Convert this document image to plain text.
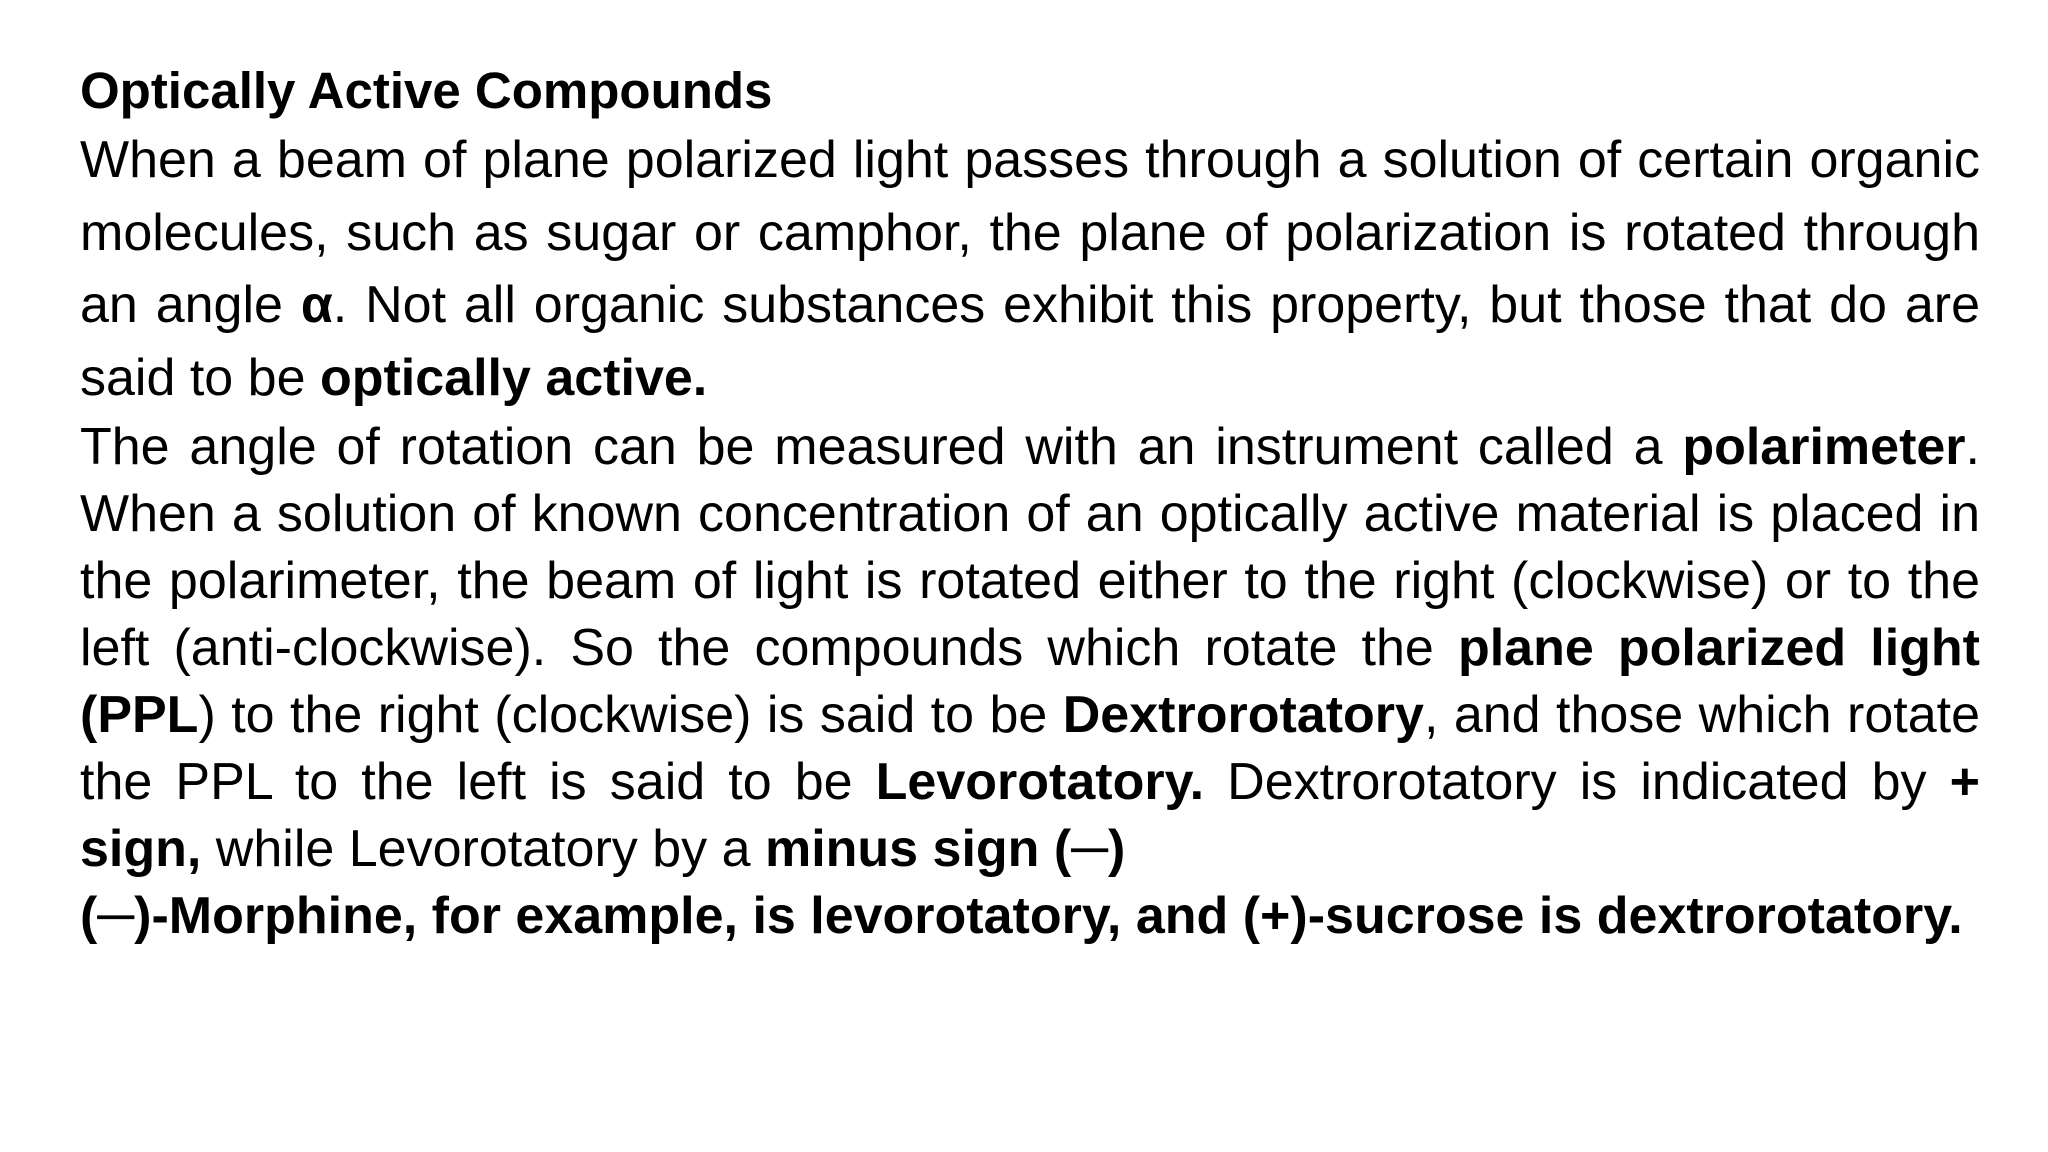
Optically Active Compounds

When a beam of plane polarized light passes through a solution of certain organic molecules, such as sugar or camphor, the plane of polarization is rotated through an angle α. Not all organic substances exhibit this property, but those that do are said to be optically active.

The angle of rotation can be measured with an instrument called a polarimeter. When a solution of known concentration of an optically active material is placed in the polarimeter, the beam of light is rotated either to the right (clockwise) or to the left (anti-clockwise). So the compounds which rotate the plane polarized light (PPL) to the right (clockwise) is said to be Dextrorotatory, and those which rotate the PPL to the left is said to be Levorotatory. Dextrorotatory is indicated by + sign, while Levorotatory by a minus sign (─)

(─)-Morphine, for example, is levorotatory, and (+)-sucrose is dextrorotatory.
